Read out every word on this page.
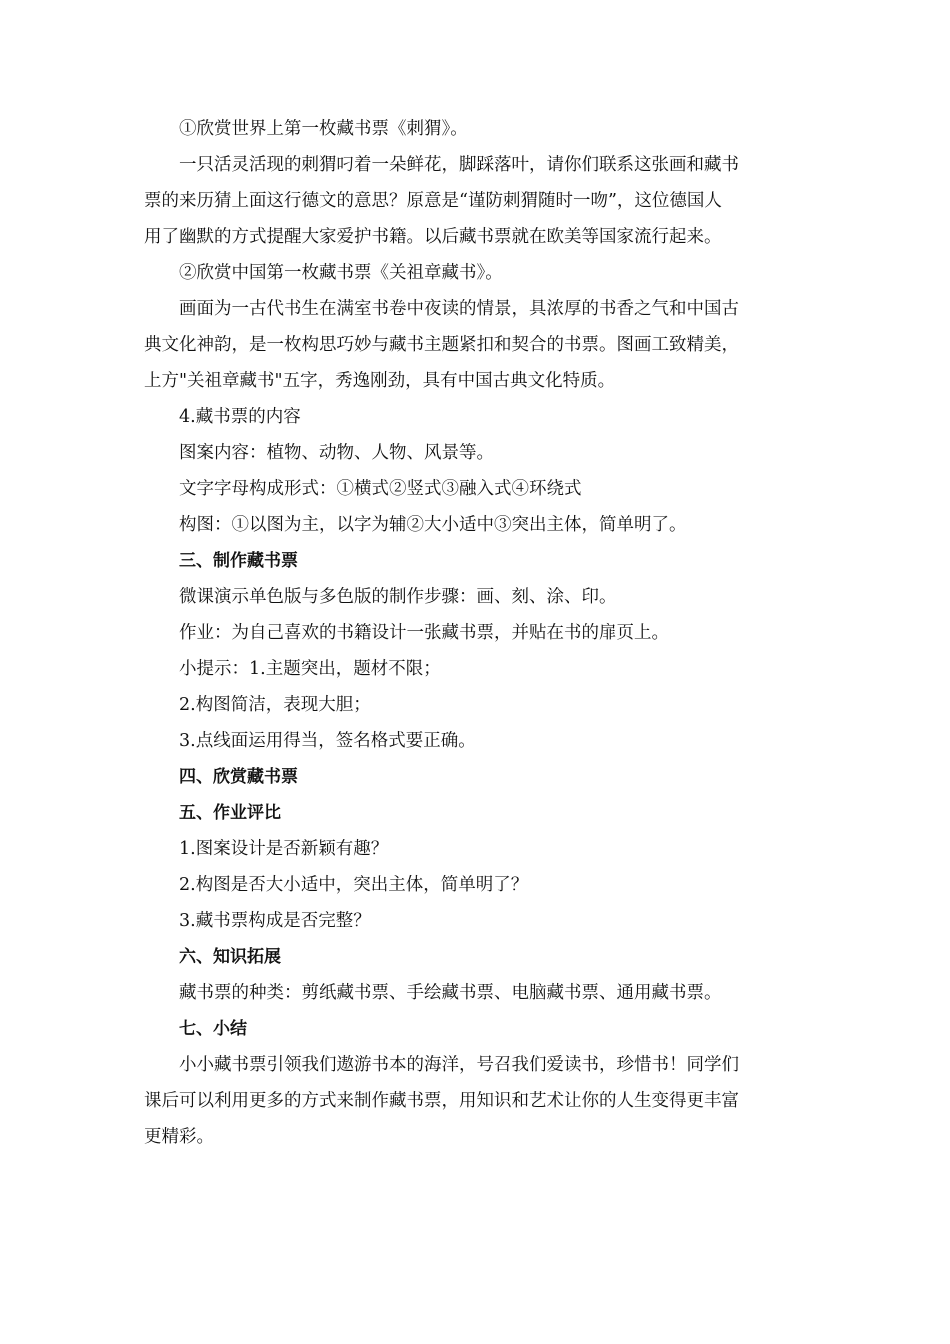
①欣赏世界上第一枚藏书票《刺猬》。
一只活灵活现的刺猬叼着一朵鲜花，脚踩落叶，请你们联系这张画和藏书
票的来历猜上面这行德文的意思？原意是“谨防刺猬随时一吻”，这位德国人
用了幽默的方式提醒大家爱护书籍。以后藏书票就在欧美等国家流行起来。
②欣赏中国第一枚藏书票《关祖章藏书》。
画面为一古代书生在满室书卷中夜读的情景，具浓厚的书香之气和中国古
典文化神韵，是一枚构思巧妙与藏书主题紧扣和契合的书票。图画工致精美，
上方"关祖章藏书"五字，秀逸刚劲，具有中国古典文化特质。
4.藏书票的内容
图案内容：植物、动物、人物、风景等。
文字字母构成形式：①横式②竖式③融入式④环绕式
构图：①以图为主，以字为辅②大小适中③突出主体，简单明了。
三、制作藏书票
微课演示单色版与多色版的制作步骤：画、刻、涂、印。
作业：为自己喜欢的书籍设计一张藏书票，并贴在书的扉页上。
小提示：1.主题突出，题材不限；
2.构图简洁，表现大胆；
3.点线面运用得当，签名格式要正确。
四、欣赏藏书票
五、作业评比
1.图案设计是否新颖有趣？
2.构图是否大小适中，突出主体，简单明了？
3.藏书票构成是否完整？
六、知识拓展
藏书票的种类：剪纸藏书票、手绘藏书票、电脑藏书票、通用藏书票。
七、小结
小小藏书票引领我们遨游书本的海洋，号召我们爱读书，珍惜书！同学们
课后可以利用更多的方式来制作藏书票，用知识和艺术让你的人生变得更丰富
更精彩。
